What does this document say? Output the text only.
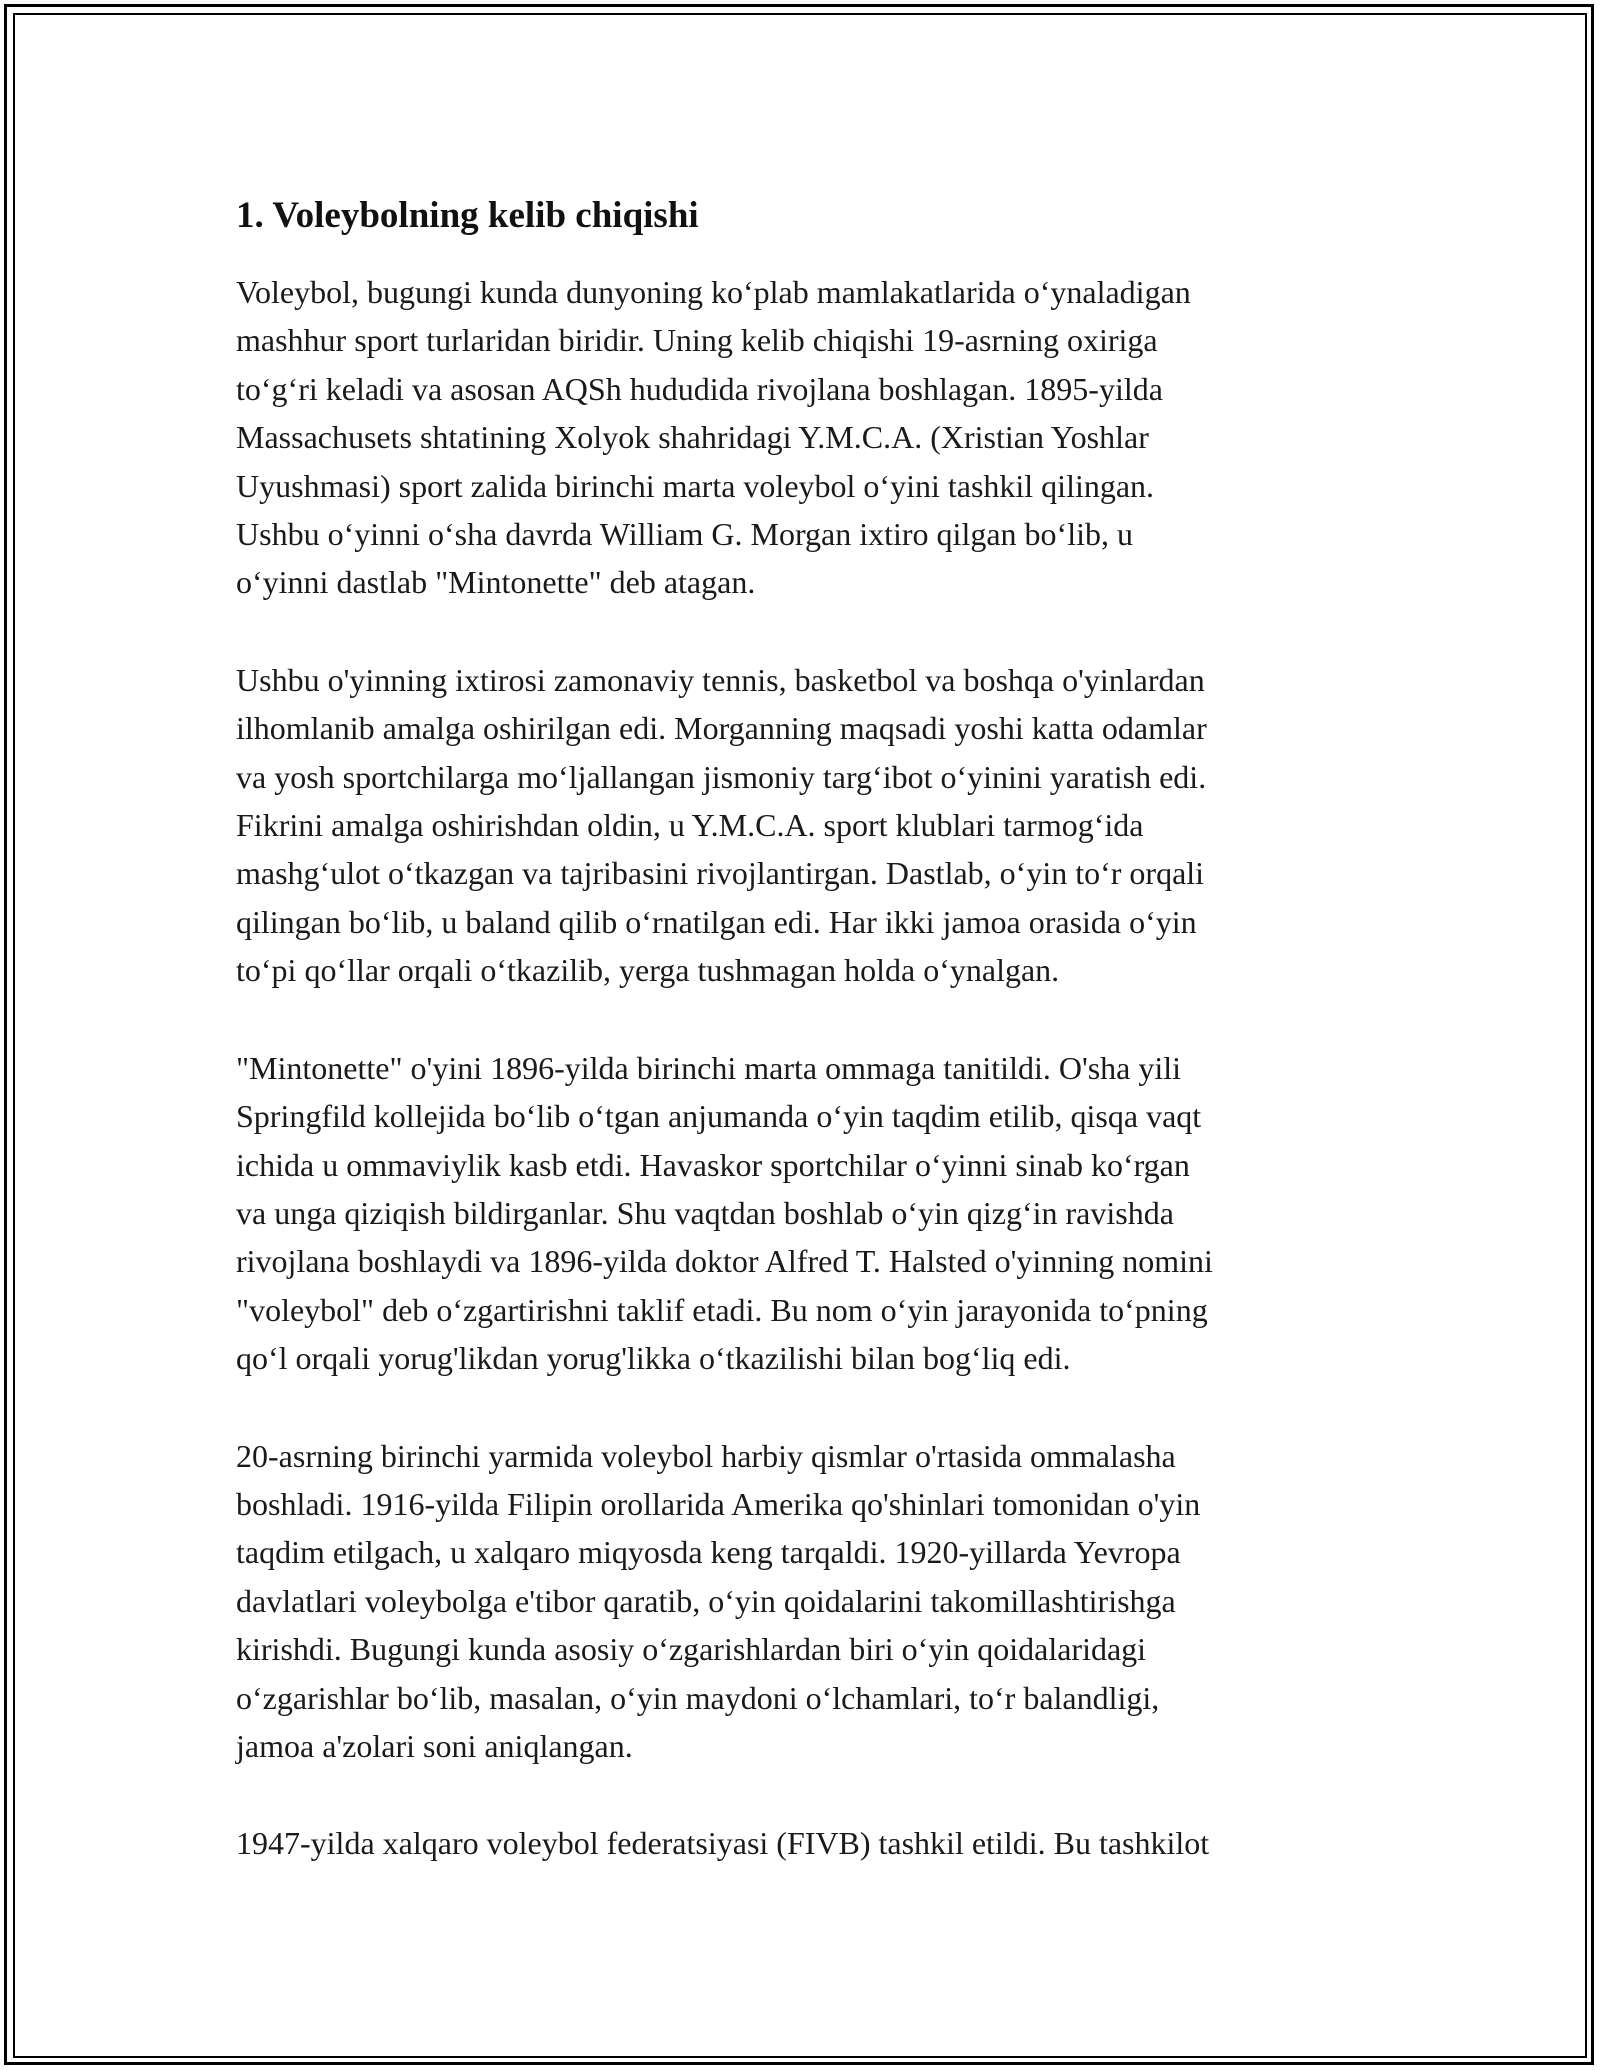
1. Voleybolning kelib chiqishi

Voleybol, bugungi kunda dunyoning ko‘plab mamlakatlarida o‘ynaladigan
mashhur sport turlaridan biridir. Uning kelib chiqishi 19-asrning oxiriga
to‘g‘ri keladi va asosan AQSh hududida rivojlana boshlagan. 1895-yilda
Massachusets shtatining Xolyok shahridagi Y.M.C.A. (Xristian Yoshlar
Uyushmasi) sport zalida birinchi marta voleybol o‘yini tashkil qilingan.
Ushbu o‘yinni o‘sha davrda William G. Morgan ixtiro qilgan bo‘lib, u
o‘yinni dastlab "Mintonette" deb atagan.

Ushbu o'yinning ixtirosi zamonaviy tennis, basketbol va boshqa o'yinlardan
ilhomlanib amalga oshirilgan edi. Morganning maqsadi yoshi katta odamlar
va yosh sportchilarga mo‘ljallangan jismoniy targ‘ibot o‘yinini yaratish edi.
Fikrini amalga oshirishdan oldin, u Y.M.C.A. sport klublari tarmog‘ida
mashg‘ulot o‘tkazgan va tajribasini rivojlantirgan. Dastlab, o‘yin to‘r orqali
qilingan bo‘lib, u baland qilib o‘rnatilgan edi. Har ikki jamoa orasida o‘yin
to‘pi qo‘llar orqali o‘tkazilib, yerga tushmagan holda o‘ynalgan.

"Mintonette" o'yini 1896-yilda birinchi marta ommaga tanitildi. O'sha yili
Springfild kollejida bo‘lib o‘tgan anjumanda o‘yin taqdim etilib, qisqa vaqt
ichida u ommaviylik kasb etdi. Havaskor sportchilar o‘yinni sinab ko‘rgan
va unga qiziqish bildirganlar. Shu vaqtdan boshlab o‘yin qizg‘in ravishda
rivojlana boshlaydi va 1896-yilda doktor Alfred T. Halsted o'yinning nomini
"voleybol" deb o‘zgartirishni taklif etadi. Bu nom o‘yin jarayonida to‘pning
qo‘l orqali yorug'likdan yorug'likka o‘tkazilishi bilan bog‘liq edi.

20-asrning birinchi yarmida voleybol harbiy qismlar o'rtasida ommalasha
boshladi. 1916-yilda Filipin orollarida Amerika qo'shinlari tomonidan o'yin
taqdim etilgach, u xalqaro miqyosda keng tarqaldi. 1920-yillarda Yevropa
davlatlari voleybolga e'tibor qaratib, o‘yin qoidalarini takomillashtirishga
kirishdi. Bugungi kunda asosiy o‘zgarishlardan biri o‘yin qoidalaridagi
o‘zgarishlar bo‘lib, masalan, o‘yin maydoni o‘lchamlari, to‘r balandligi,
jamoa a'zolari soni aniqlangan.

1947-yilda xalqaro voleybol federatsiyasi (FIVB) tashkil etildi. Bu tashkilot
